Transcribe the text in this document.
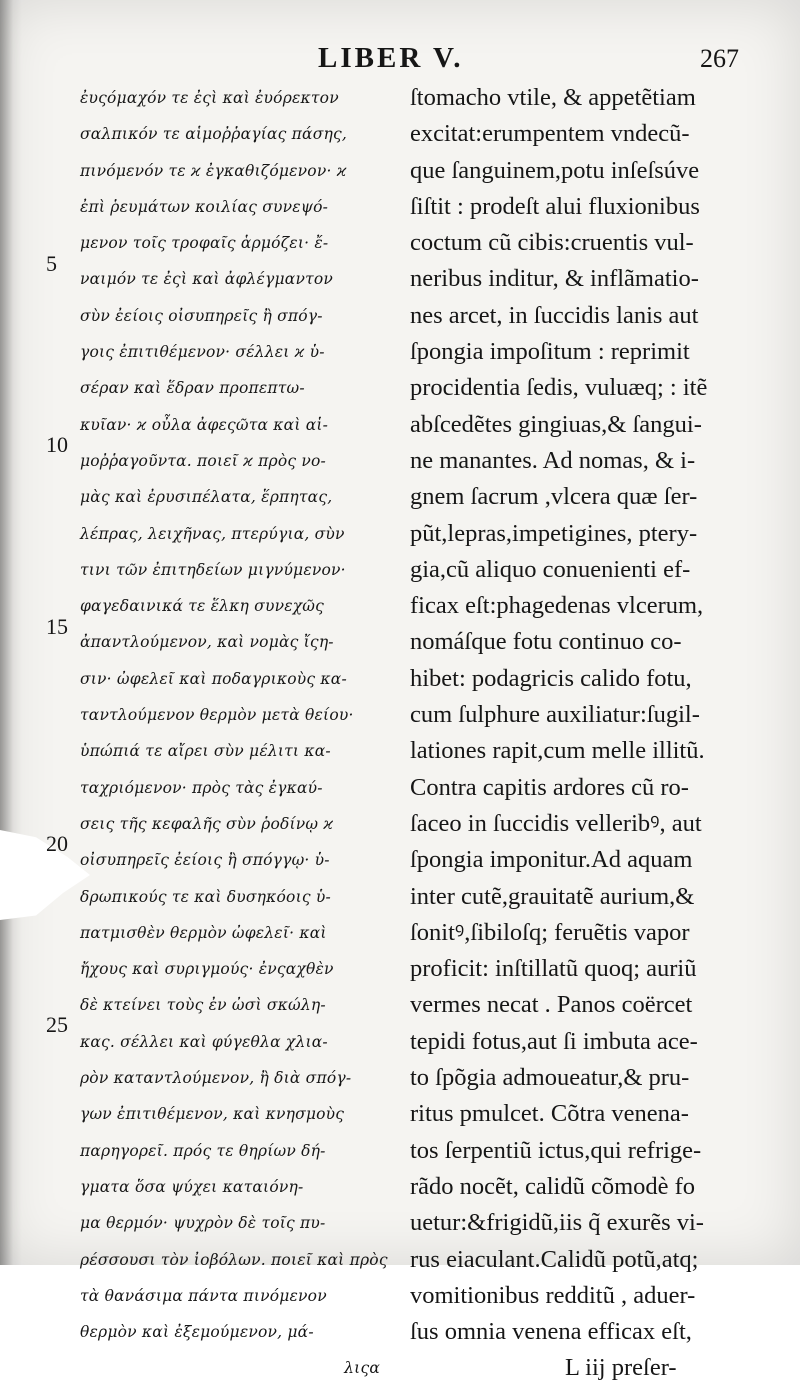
LIBER V.	267
ἐυςόμαχόν τε ἐςὶ καὶ ἐυόρεκτον
σαλπικόν τε αἱμοῤῥαγίας πάσης,
πινόμενόν τε ϰ ἐγκαθιζόμενον· ϰ
ἐπὶ ῥευμάτων κοιλίας συνεψό-
μενον τοῖς τροφαῖς ἁρμόζει· ἔ-
ναιμόν τε ἐςὶ καὶ ἀφλέγμαντον
σὺν ἐείοις οἰσυπηρεῖς ἢ σπόγ-
γοις ἐπιτιθέμενον· σέλλει ϰ ὑ-
σέραν καὶ ἕδραν προπεπτω-
κυῖαν· ϰ οὖλα ἀφεςῶτα καὶ αἱ-
μοῤῥαγοῦντα. ποιεῖ ϰ πρὸς νο-
μὰς καὶ ἐρυσιπέλατα, ἕρπητας,
λέπρας, λειχῆνας, πτερύγια, σὺν
τινι τῶν ἐπιτηδείων μιγνύμενον·
φαγεδαινικά τε ἕλκη συνεχῶς
ἀπαντλούμενον, καὶ νομὰς ἴςη-
σιν· ὠφελεῖ καὶ ποδαγρικοὺς κα-
ταντλούμενον θερμὸν μετὰ θείου·
ὑπώπιά τε αἴρει σὺν μέλιτι κα-
ταχριόμενον· πρὸς τὰς ἐγκαύ-
σεις τῆς κεφαλῆς σὺν ῥοδίνῳ ϰ
οἰσυπηρεῖς ἐείοις ἢ σπόγγῳ· ὑ-
δρωπικούς τε καὶ δυσηκόοις ὑ-
πατμισθὲν θερμὸν ὠφελεῖ· καὶ
ἤχους καὶ συριγμούς· ἐνςαχθὲν
δὲ κτείνει τοὺς ἐν ὠσὶ σκώλη-
κας. σέλλει καὶ φύγεθλα χλια-
ρὸν καταντλούμενον, ἢ διὰ σπόγ-
γων ἐπιτιθέμενον, καὶ κνησμοὺς
παρηγορεῖ. πρός τε θηρίων δή-
γματα ὅσα ψύχει καταιόνη-
μα θερμόν· ψυχρὸν δὲ τοῖς πυ-
ρέσσουσι τὸν ἰοβόλων. ποιεῖ καὶ πρὸς
τὰ θανάσιμα πάντα πινόμενον
θερμὸν καὶ ἐξεμούμενον, μά-
λιςα
ſtomacho vtile, & appetẽtiam
excitat:erumpentem vndecũ-
que ſanguinem,potu inſeſsúve
ſiſtit : prodeſt alui fluxionibus
coctum cũ cibis:cruentis vul-
neribus inditur, & inflãmatio-
nes arcet, in ſuccidis lanis aut
ſpongia impoſitum : reprimit
procidentia ſedis, vuluæq; : itẽ
abſcedẽtes gingiuas,& ſangui-
ne manantes. Ad nomas, & i-
gnem ſacrum ,vlcera quæ ſer-
pũt,lepras,impetigines, ptery-
gia,cũ aliquo conuenienti ef-
ficax eſt:phagedenas vlcerum,
nomáſque fotu continuo co-
hibet: podagricis calido fotu,
cum ſulphure auxiliatur:ſugil-
lationes rapit,cum melle illitũ.
Contra capitis ardores cũ ro-
ſaceo in ſuccidis velleribꝰ, aut
ſpongia imponitur.Ad aquam
inter cutẽ,grauitatẽ aurium,&
ſonitꝰ,ſibiloſq; feruẽtis vapor
proficit: inſtillatũ quoq; auriũ
vermes necat . Panos coërcet
tepidi fotus,aut ſi imbuta ace-
to ſpõgia admoueatur,& pru-
ritus pmulcet. Cõtra venena-
tos ſerpentiũ ictus,qui refrige-
rãdo nocẽt, calidũ cõmodè fo
uetur:&frigidũ,iis q̃ exurẽs vi-
rus eiaculant.Calidũ potũ,atq;
vomitionibus redditũ , aduer-
ſus omnia venena efficax eſt,
L iij preſer-
5
10
15
20
25
